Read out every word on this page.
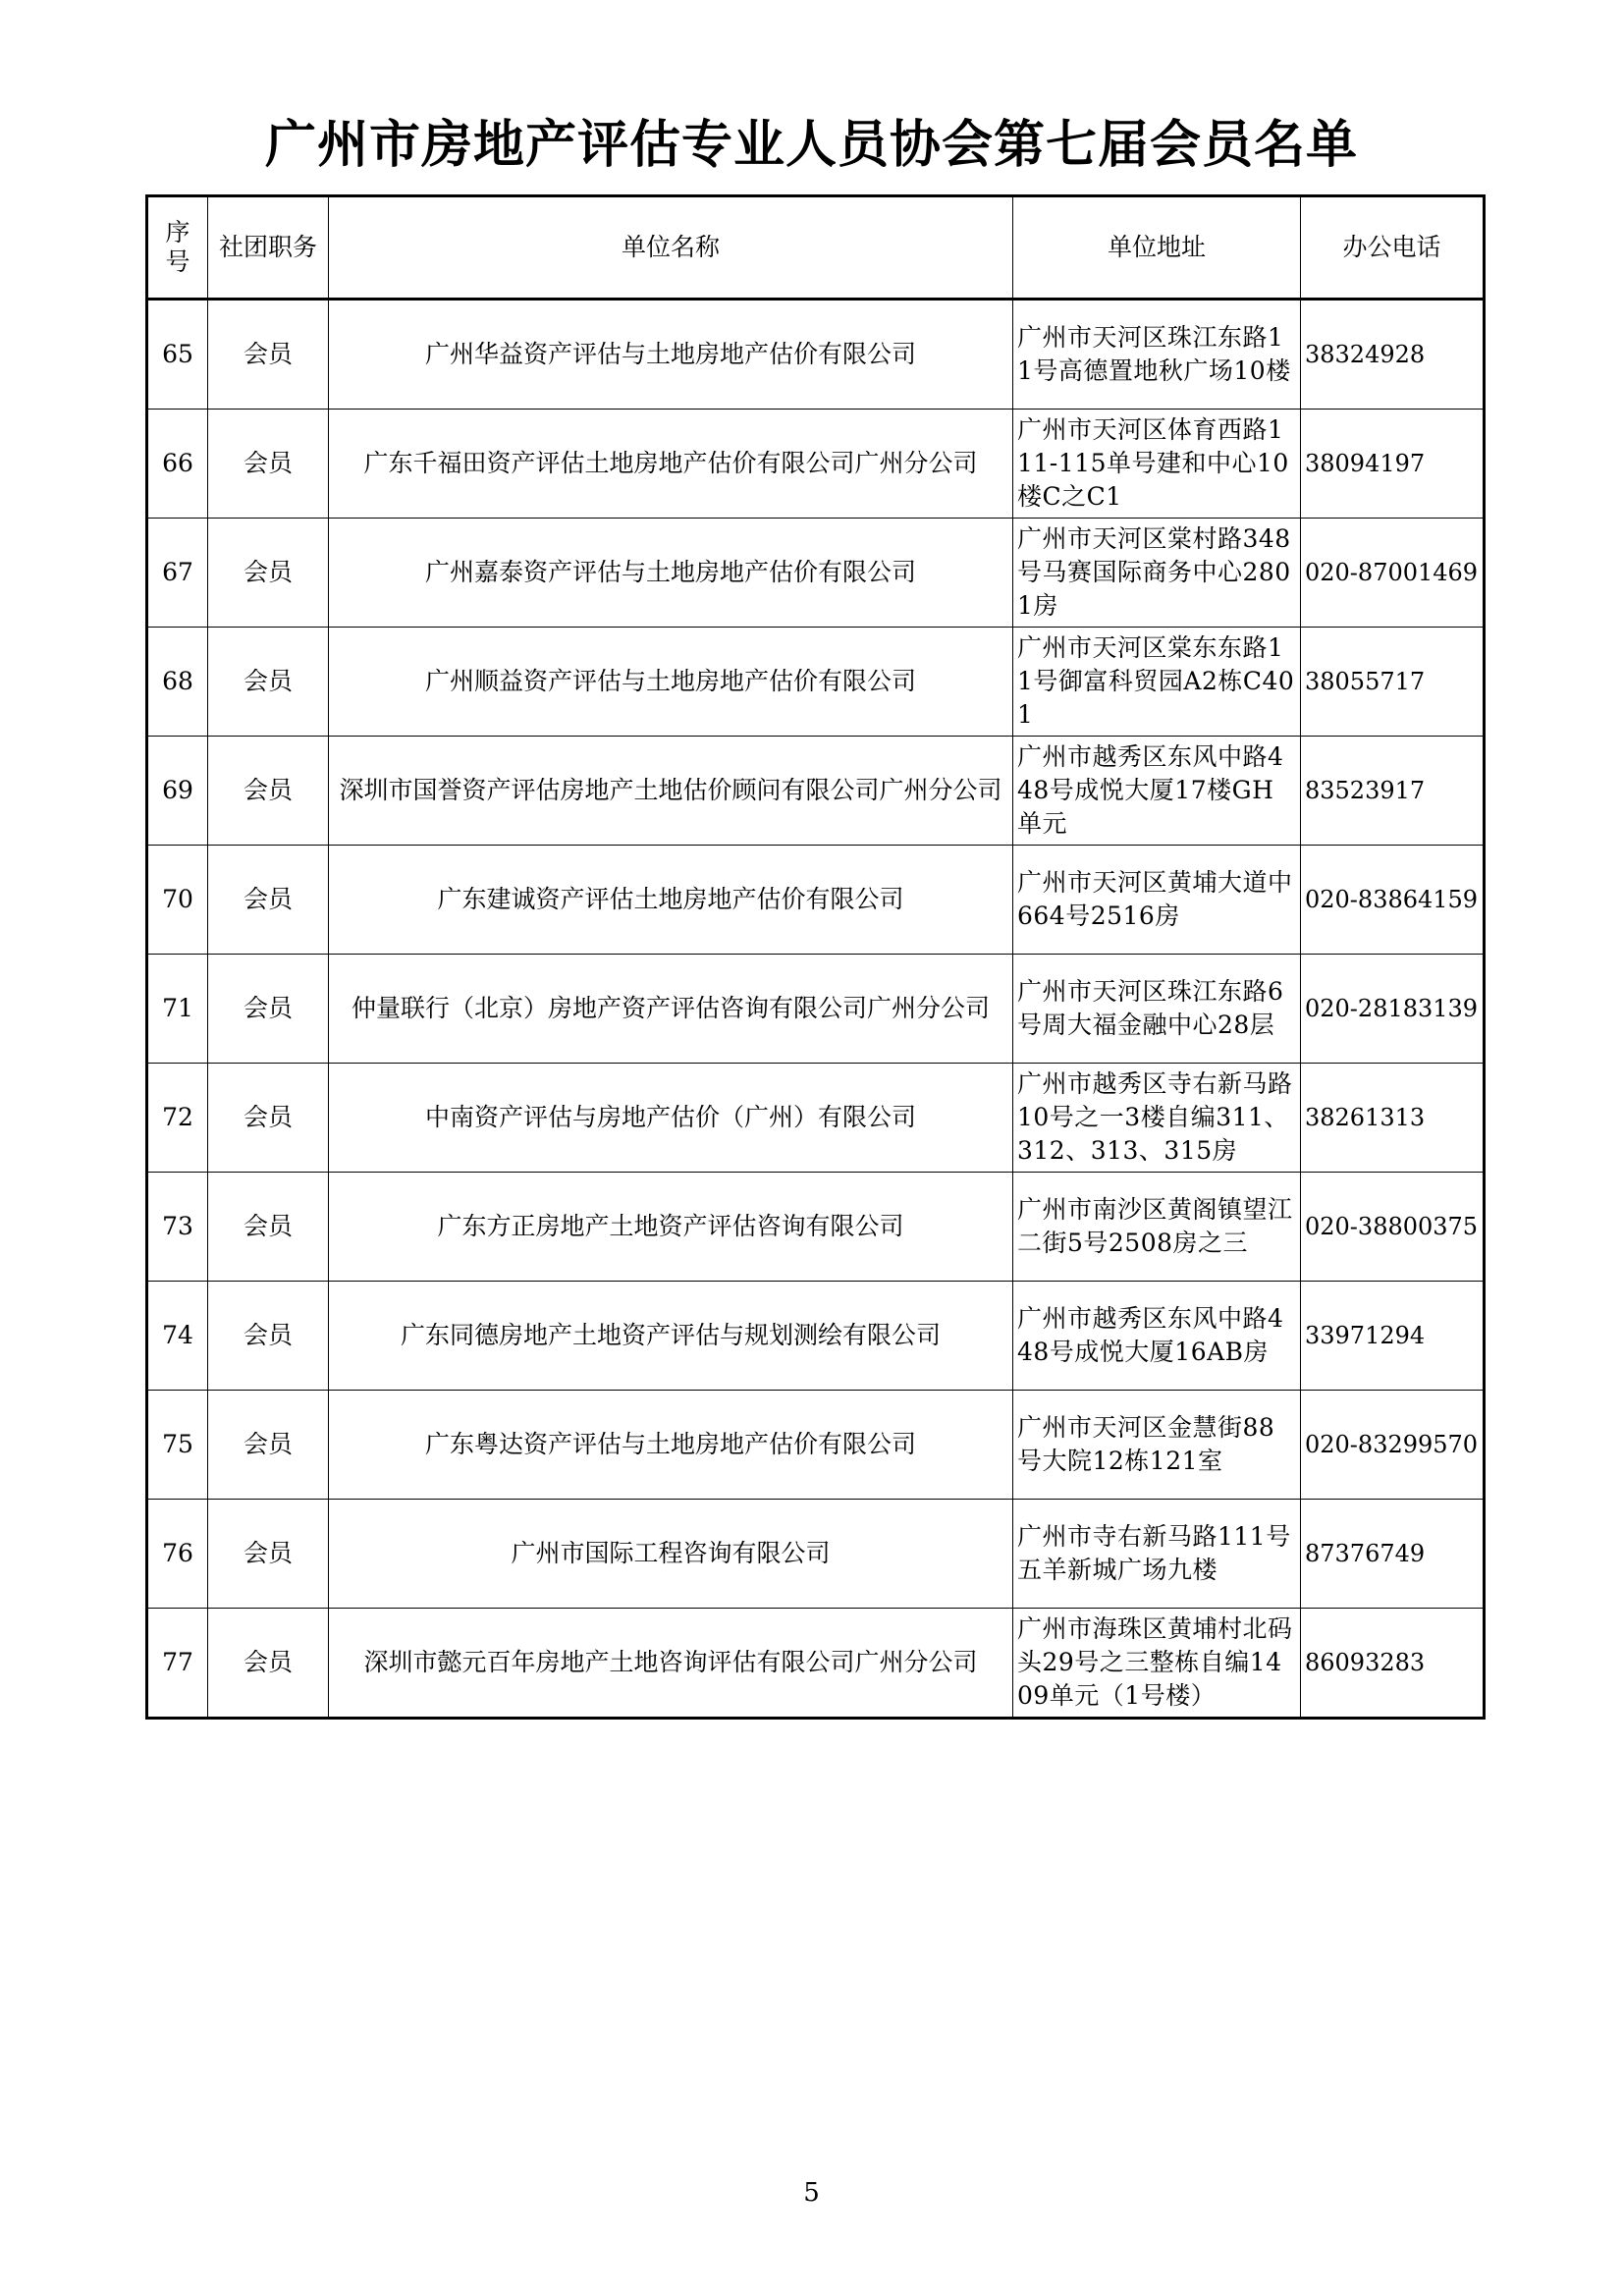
广州市房地产评估专业人员协会第七届会员名单
序号	社团职务	单位名称	单位地址	办公电话
65	会员	广州华益资产评估与土地房地产估价有限公司	广州市天河区珠江东路11号高德置地秋广场10楼	38324928
66	会员	广东千福田资产评估土地房地产估价有限公司广州分公司	广州市天河区体育西路111-115单号建和中心10楼C之C1	38094197
67	会员	广州嘉泰资产评估与土地房地产估价有限公司	广州市天河区棠村路348号马赛国际商务中心2801房	020-87001469
68	会员	广州顺益资产评估与土地房地产估价有限公司	广州市天河区棠东东路11号御富科贸园A2栋C401	38055717
69	会员	深圳市国誉资产评估房地产土地估价顾问有限公司广州分公司	广州市越秀区东风中路448号成悦大厦17楼GH单元	83523917
70	会员	广东建诚资产评估土地房地产估价有限公司	广州市天河区黄埔大道中664号2516房	020-83864159
71	会员	仲量联行（北京）房地产资产评估咨询有限公司广州分公司	广州市天河区珠江东路6号周大福金融中心28层	020-28183139
72	会员	中南资产评估与房地产估价（广州）有限公司	广州市越秀区寺右新马路10号之一3楼自编311、312、313、315房	38261313
73	会员	广东方正房地产土地资产评估咨询有限公司	广州市南沙区黄阁镇望江二街5号2508房之三	020-38800375
74	会员	广东同德房地产土地资产评估与规划测绘有限公司	广州市越秀区东风中路448号成悦大厦16AB房	33971294
75	会员	广东粤达资产评估与土地房地产估价有限公司	广州市天河区金慧街88号大院12栋121室	020-83299570
76	会员	广州市国际工程咨询有限公司	广州市寺右新马路111号五羊新城广场九楼	87376749
77	会员	深圳市懿元百年房地产土地咨询评估有限公司广州分公司	广州市海珠区黄埔村北码头29号之三整栋自编1409单元（1号楼）	86093283
5
